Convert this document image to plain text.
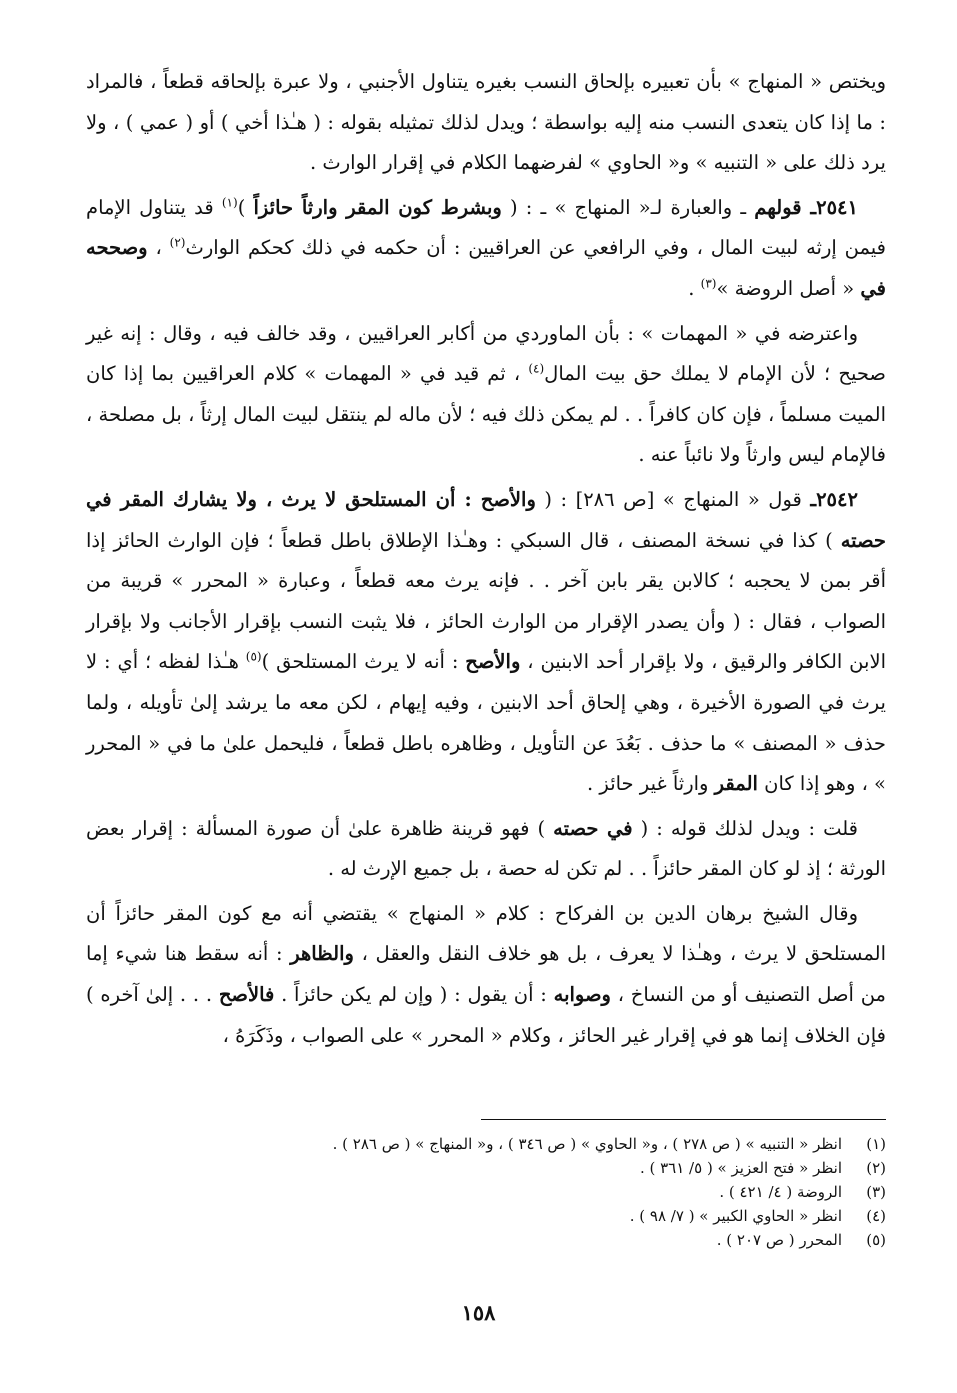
ويختص « المنهاج » بأن تعبيره بإلحاق النسب بغيره يتناول الأجنبي ، ولا عبرة بإلحاقه قطعاً ، فالمراد : ما إذا كان يتعدى النسب منه إليه بواسطة ؛ ويدل لذلك تمثيله بقوله : ( هـٰذا أخي ) أو ( عمي ) ، ولا يرد ذلك على « التنبيه » و« الحاوي » لفرضهما الكلام في إقرار الوارث .

٢٥٤١ـ قولهم ـ والعبارة لـ« المنهاج » ـ : ( وبشرط كون المقر وارثاً حائزاً )$^{(١)}$ قد يتناول الإمام فيمن إرثه لبيت المال ، وفي الرافعي عن العراقيين : أن حكمه في ذلك كحكم الوارث$^{(٢)}$ ، وصححه في « أصل الروضة »$^{(٣)}$ .

واعترضه في « المهمات » : بأن الماوردي من أكابر العراقيين ، وقد خالف فيه ، وقال : إنه غير صحيح ؛ لأن الإمام لا يملك حق بيت المال$^{(٤)}$ ، ثم قيد في « المهمات » كلام العراقيين بما إذا كان الميت مسلماً ، فإن كان كافراً . . لم يمكن ذلك فيه ؛ لأن ماله لم ينتقل لبيت المال إرثاً ، بل مصلحة ، فالإمام ليس وارثاً ولا نائباً عنه .

٢٥٤٢ـ قول « المنهاج » [ص ٢٨٦] : ( والأصح : أن المستلحق لا يرث ، ولا يشارك المقر في حصته ) كذا في نسخة المصنف ، قال السبكي : وهـٰذا الإطلاق باطل قطعاً ؛ فإن الوارث الحائز إذا أقر بمن لا يحجبه ؛ كالابن يقر بابن آخر . . فإنه يرث معه قطعاً ، وعبارة « المحرر » قريبة من الصواب ، فقال : ( وأن يصدر الإقرار من الوارث الحائز ، فلا يثبت النسب بإقرار الأجانب ولا بإقرار الابن الكافر والرقيق ، ولا بإقرار أحد الابنين ، والأصح : أنه لا يرث المستلحق )$^{(٥)}$ هـٰذا لفظه ؛ أي : لا يرث في الصورة الأخيرة ، وهي إلحاق أحد الابنين ، وفيه إيهام ، لكن معه ما يرشد إلىٰ تأويله ، ولما حذف « المصنف » ما حذف . بَعُدَ عن التأويل ، وظاهره باطل قطعاً ، فليحمل علىٰ ما في « المحرر » ، وهو إذا كان المقر وارثاً غير حائز .

قلت : ويدل لذلك قوله : ( في حصته ) فهو قرينة ظاهرة علىٰ أن صورة المسألة : إقرار بعض الورثة ؛ إذ لو كان المقر حائزاً . . لم تكن له حصة ، بل جميع الإرث له .

وقال الشيخ برهان الدين بن الفركاح : كلام « المنهاج » يقتضي أنه مع كون المقر حائزاً أن المستلحق لا يرث ، وهـٰذا لا يعرف ، بل هو خلاف النقل والعقل ، والظاهر : أنه سقط هنا شيء إما من أصل التصنيف أو من النساخ ، وصوابه : أن يقول : ( وإن لم يكن حائزاً . فالأصح . . . إلىٰ آخره ) فإن الخلاف إنما هو في إقرار غير الحائز ، وكلام « المحرر » على الصواب ، وذَكَرَهُ ،

(١)
انظر « التنبيه » ( ص ٢٧٨ ) ، و« الحاوي » ( ص ٣٤٦ ) ، و« المنهاج » ( ص ٢٨٦ ) .
(٢)
انظر « فتح العزيز » ( ٥/ ٣٦١ ) .
(٣)
الروضة ( ٤/ ٤٢١ ) .
(٤)
انظر « الحاوي الكبير » ( ٧/ ٩٨ ) .
(٥)
المحرر ( ص ٢٠٧ ) .
١٥٨
